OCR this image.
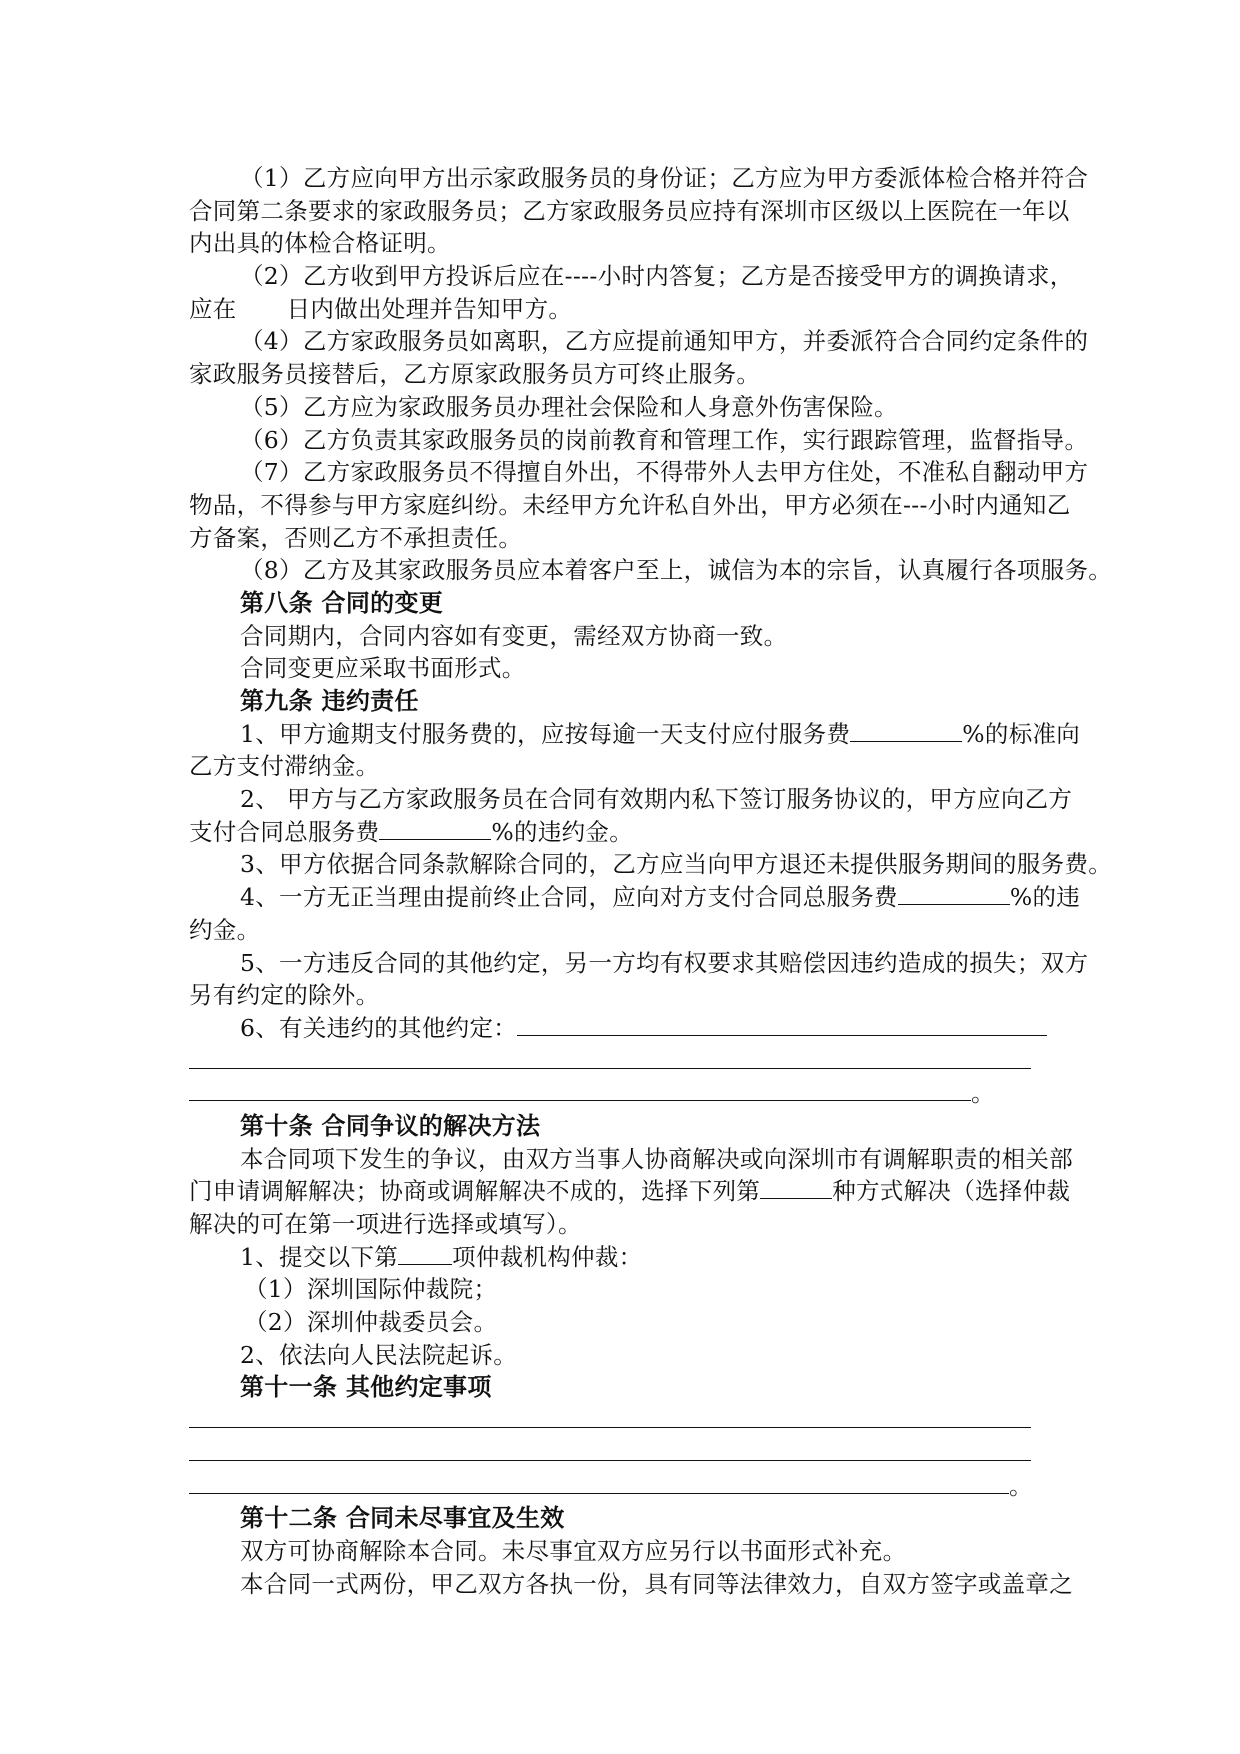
（1）乙方应向甲方出示家政服务员的身份证；乙方应为甲方委派体检合格并符合
合同第二条要求的家政服务员；乙方家政服务员应持有深圳市区级以上医院在一年以
内出具的体检合格证明。
（2）乙方收到甲方投诉后应在----小时内答复；乙方是否接受甲方的调换请求，
应在 日内做出处理并告知甲方。
（4）乙方家政服务员如离职，乙方应提前通知甲方，并委派符合合同约定条件的
家政服务员接替后，乙方原家政服务员方可终止服务。
（5）乙方应为家政服务员办理社会保险和人身意外伤害保险。
（6）乙方负责其家政服务员的岗前教育和管理工作，实行跟踪管理，监督指导。
（7）乙方家政服务员不得擅自外出，不得带外人去甲方住处，不准私自翻动甲方
物品，不得参与甲方家庭纠纷。未经甲方允许私自外出，甲方必须在---小时内通知乙
方备案，否则乙方不承担责任。
（8）乙方及其家政服务员应本着客户至上，诚信为本的宗旨，认真履行各项服务。
第八条 合同的变更
合同期内，合同内容如有变更，需经双方协商一致。
合同变更应采取书面形式。
第九条 违约责任
1、甲方逾期支付服务费的，应按每逾一天支付应付服务费	%的标准向
乙方支付滞纳金。
2、 甲方与乙方家政服务员在合同有效期内私下签订服务协议的，甲方应向乙方
支付合同总服务费	%的违约金。
3、甲方依据合同条款解除合同的，乙方应当向甲方退还未提供服务期间的服务费。
4、一方无正当理由提前终止合同，应向对方支付合同总服务费	%的违
约金。
5、一方违反合同的其他约定，另一方均有权要求其赔偿因违约造成的损失；双方
另有约定的除外。
6、有关违约的其他约定：
。
第十条 合同争议的解决方法
本合同项下发生的争议，由双方当事人协商解决或向深圳市有调解职责的相关部
门申请调解解决；协商或调解解决不成的，选择下列第	种方式解决（选择仲裁
解决的可在第一项进行选择或填写）。
1、提交以下第 项仲裁机构仲裁：
（1）深圳国际仲裁院；
（2）深圳仲裁委员会。
2、依法向人民法院起诉。
第十一条 其他约定事项
。
第十二条 合同未尽事宜及生效
双方可协商解除本合同。未尽事宜双方应另行以书面形式补充。
本合同一式两份，甲乙双方各执一份，具有同等法律效力，自双方签字或盖章之
